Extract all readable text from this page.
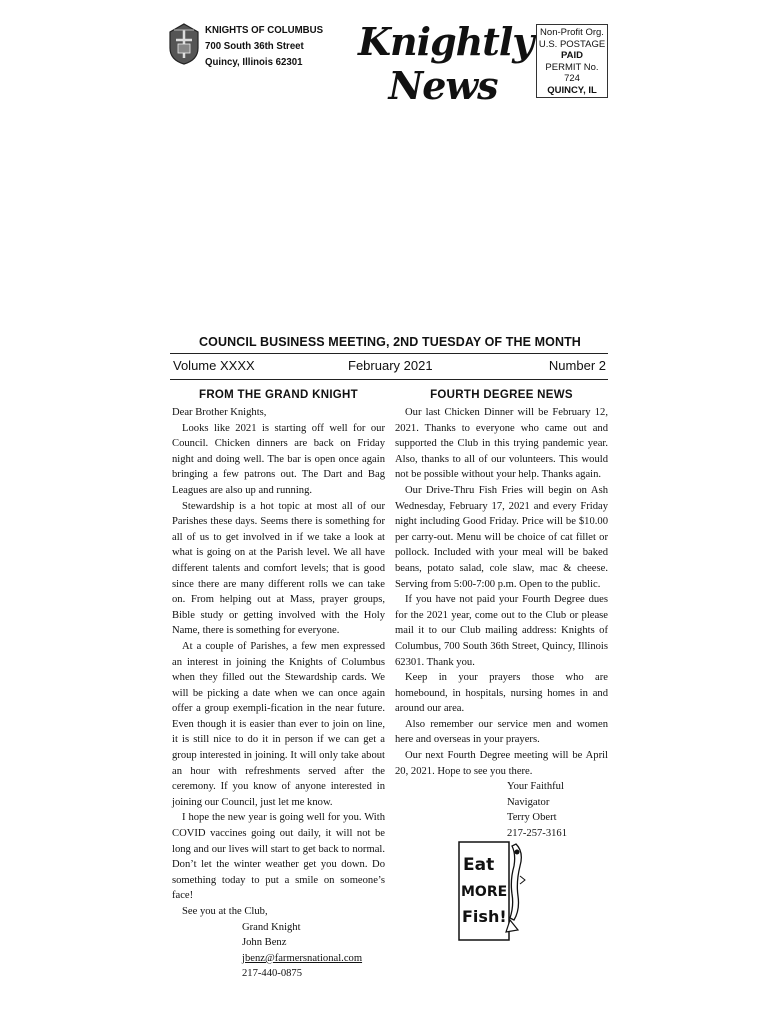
KNIGHTS OF COLUMBUS
700 South 36th Street
Quincy, Illinois 62301	Knightly
News
Non-Profit Org.
U.S. POSTAGE
PAID
PERMIT No.
724
QUINCY, IL
COUNCIL BUSINESS MEETING, 2ND TUESDAY OF THE MONTH
Volume XXXX	February 2021	Number 2
FROM THE GRAND KNIGHT	FOURTH DEGREE NEWS

Dear Brother Knights,

Looks like 2021 is starting off well for our Council. Chicken dinners are back on Friday night and doing well. The bar is open once again bringing a few patrons out. The Dart and Bag Leagues are also up and running.

Stewardship is a hot topic at most all of our Parishes these days. Seems there is something for all of us to get involved in if we take a look at what is going on at the Parish level. We all have different talents and comfort levels; that is good since there are many different rolls we can take on. From helping out at Mass, prayer groups, Bible study or getting involved with the Holy Name, there is something for everyone.

At a couple of Parishes, a few men expressed an interest in joining the Knights of Columbus when they filled out the Stewardship cards. We will be picking a date when we can once again offer a group exempli-fication in the near future. Even though it is easier than ever to join on line, it is still nice to do it in person if we can get a group interested in joining. It will only take about an hour with refreshments served after the ceremony. If you know of anyone interested in joining our Council, just let me know.

I hope the new year is going well for you. With COVID vaccines going out daily, it will not be long and our lives will start to get back to normal. Don’t let the winter weather get you down. Do something today to put a smile on someone’s face!

See you at the Club,

Grand Knight

John Benz

jbenz@farmersnational.com

217-440-0875

Our last Chicken Dinner will be February 12, 2021. Thanks to everyone who came out and supported the Club in this trying pandemic year. Also, thanks to all of our volunteers. This would not be possible without your help. Thanks again.

Our Drive-Thru Fish Fries will begin on Ash Wednesday, February 17, 2021 and every Friday night including Good Friday. Price will be $10.00 per carry-out. Menu will be choice of cat fillet or pollock. Included with your meal will be baked beans, potato salad, cole slaw, mac & cheese. Serving from 5:00-7:00 p.m. Open to the public.

If you have not paid your Fourth Degree dues for the 2021 year, come out to the Club or please mail it to our Club mailing address: Knights of Columbus, 700 South 36th Street, Quincy, Illinois 62301. Thank you.

Keep in your prayers those who are homebound, in hospitals, nursing homes in and around our area.

Also remember our service men and women here and overseas in your prayers.

Our next Fourth Degree meeting will be April 20, 2021. Hope to see you there.

Your Faithful Navigator

Terry Obert

217-257-3161

Eat
MORE
Fish!
